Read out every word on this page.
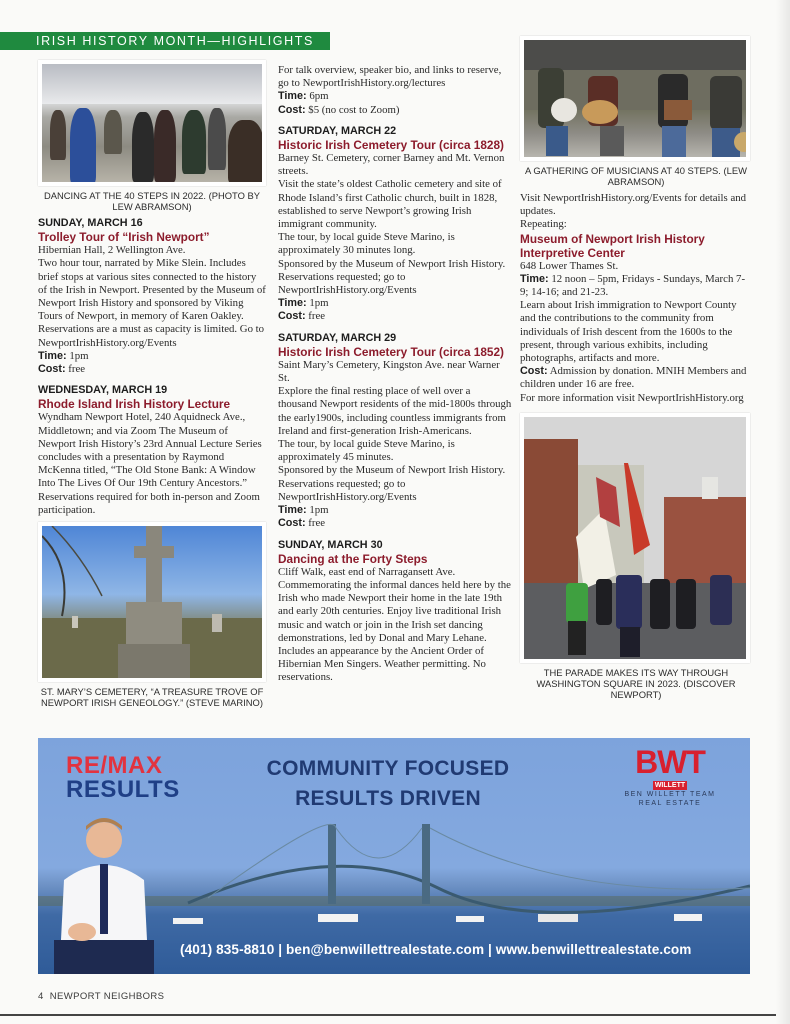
IRISH HISTORY MONTH—HIGHLIGHTS
DANCING AT THE 40 STEPS IN 2022. (PHOTO BY LEW ABRAMSON)
SUNDAY, MARCH 16
Trolley Tour of “Irish Newport”
Hibernian Hall, 2 Wellington Ave.
Two hour tour, narrated by Mike Slein. Includes brief stops at various sites connected to the history of the Irish in Newport. Presented by the Museum of Newport Irish History and sponsored by Viking Tours of Newport, in memory of Karen Oakley. Reservations are a must as capacity is limited. Go to NewportIrishHistory.org/Events
Time: 1pm
Cost: free
WEDNESDAY, MARCH 19
Rhode Island Irish History Lecture
Wyndham Newport Hotel, 240 Aquidneck Ave., Middletown; and via Zoom The Museum of Newport Irish History’s 23rd Annual Lecture Series concludes with a presentation by Raymond McKenna titled, “The Old Stone Bank: A Window Into The Lives Of Our 19th Century Ancestors.” Reservations required for both in-person and Zoom participation.
ST. MARY’S CEMETERY, “A TREASURE TROVE OF NEWPORT IRISH GENEOLOGY.” (STEVE MARINO)
For talk overview, speaker bio, and links to reserve, go to NewportIrishHistory.org/lectures
Time: 6pm
Cost: $5 (no cost to Zoom)
SATURDAY, MARCH 22
Historic Irish Cemetery Tour (circa 1828)
Barney St. Cemetery, corner Barney and Mt. Vernon streets.
Visit the state’s oldest Catholic cemetery and site of Rhode Island’s first Catholic church, built in 1828, established to serve Newport’s growing Irish immigrant community.
The tour, by local guide Steve Marino, is approximately 30 minutes long.
Sponsored by the Museum of Newport Irish History.
Reservations requested; go to NewportIrishHistory.org/Events
Time: 1pm
Cost: free
SATURDAY, MARCH 29
Historic Irish Cemetery Tour (circa 1852)
Saint Mary’s Cemetery, Kingston Ave. near Warner St.
Explore the final resting place of well over a thousand Newport residents of the mid-1800s through the early1900s, including countless immigrants from Ireland and first-generation Irish-Americans.
The tour, by local guide Steve Marino, is approximately 45 minutes.
Sponsored by the Museum of Newport Irish History.
Reservations requested; go to NewportIrishHistory.org/Events
Time: 1pm
Cost: free
SUNDAY, MARCH 30
Dancing at the Forty Steps
Cliff Walk, east end of Narragansett Ave.
Commemorating the informal dances held here by the Irish who made Newport their home in the late 19th and early 20th centuries. Enjoy live traditional Irish music and watch or join in the Irish set dancing demonstrations, led by Donal and Mary Lehane. Includes an appearance by the Ancient Order of Hibernian Men Singers. Weather permitting. No reservations.
A GATHERING OF MUSICIANS AT 40 STEPS. (LEW ABRAMSON)
Visit NewportIrishHistory.org/Events for details and updates.
Repeating:
Museum of Newport Irish History Interpretive Center
648 Lower Thames St.
Time: 12 noon – 5pm, Fridays - Sundays, March 7-9; 14-16; and 21-23.
Learn about Irish immigration to Newport County and the contributions to the community from individuals of Irish descent from the 1600s to the present, through various exhibits, including photographs, artifacts and more.
Cost: Admission by donation. MNIH Members and children under 16 are free.
For more information visit NewportIrishHistory.org
THE PARADE MAKES ITS WAY THROUGH WASHINGTON SQUARE IN 2023. (DISCOVER NEWPORT)
RE/MAX
RESULTS
COMMUNITY FOCUSED
RESULTS DRIVEN
BWT
WILLETT
BEN WILLETT TEAM
REAL ESTATE
(401) 835-8810 | ben@benwillettrealestate.com | www.benwillettrealestate.com
4  NEWPORT NEIGHBORS
